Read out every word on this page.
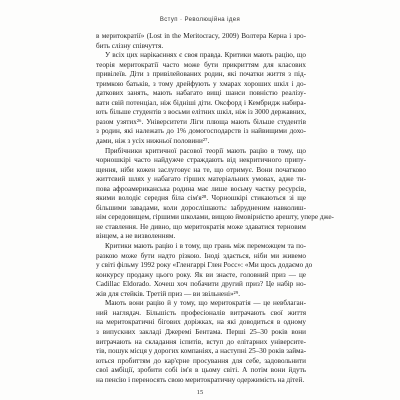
Вступ · Революційна ідея
в меритократії» (Lost in the Meritocracy, 2009) Волтера Керна і зро-
бить слізну співчуття.
У всіх цих нарікаєннях є своя правда. Критики мають рацію, що
теорія меритократії часто може бути прикриттям для класових
привілеїв. Діти з привілейованих родин, які початки життя з під-
тримкою батьків, з тому дрейфують у хмарах хороших шкіл і до-
даткових занять, мають набагато вищі шанси повністю реалізу-
вати свій потенціал, ніж бідніші діти. Оксфорд і Кембридж набира-
ють більше студентів з восьми елітних шкіл, ніж із 3000 державних,
разом узятих²⁶. Університети Ліги плюща мають більше студентів
з родин, які належать до 1% домогосподарств із найвищими дохо-
дами, ніж з усіх нижньої половини²⁷.
Прибічники критичної расової теорії мають рацію в тому, що
чорношкірі часто найдужче страждають від некритичного припу-
щення, ніби кожен заслуговує на те, що отримує. Вони початково
життєвий шлях у набагато гірших матеріальних умовах, адже ти-
пова афроамериканська родина має лише восьму частку ресурсів,
якими володіє середня біла сім'я²⁸. Чорношкірі стикаються зі ще
більшими завадами, коли дорослішають: забрудненим навколиш-
нім середовищем, гіршими школами, вищою ймовірністю арешту, упере дже-
не ставлення. Не дивно, що меритократія може здаватися терновим
вінцем, а не визволенням.
Критики мають рацію і в тому, що грань між переможцем та по-
разкою може бути надто різкою. Іноді здається, ніби ми живемо
у світі фільму 1992 року «Гленгаррі Глен Росс»: «Ми щось додаємо до
конкурсу продажу цього року. Як ви знаєте, головний приз — це
Cadillac Eldorado. Хочеш хоч побачити другий приз? Це набір но-
жів для стейків. Третій приз — ви звільнені»²⁹.
Мають вони рацію й у тому, що меритократія — це невблаган-
ний наглядач. Більшість професіоналів витрачають свої життя
на меритократичні бігових доріжках, на які доводиться в одному
з випускних закладі Джеремі Бентама. Перші 25–30 років вони
витрачають на складання іспитів, вступ до елітарних університе-
тів, пошук місця у дорогих компаніях, а наступні 25–30 років займа-
ються пробиттям до кар'єрне просування для себе, задовольнити
свої амбіції, зробити собі ім'я в цьому світі. А потім вони йдуть
на пенсію і переносять свою меритократичну одержимість на дітей.
15
